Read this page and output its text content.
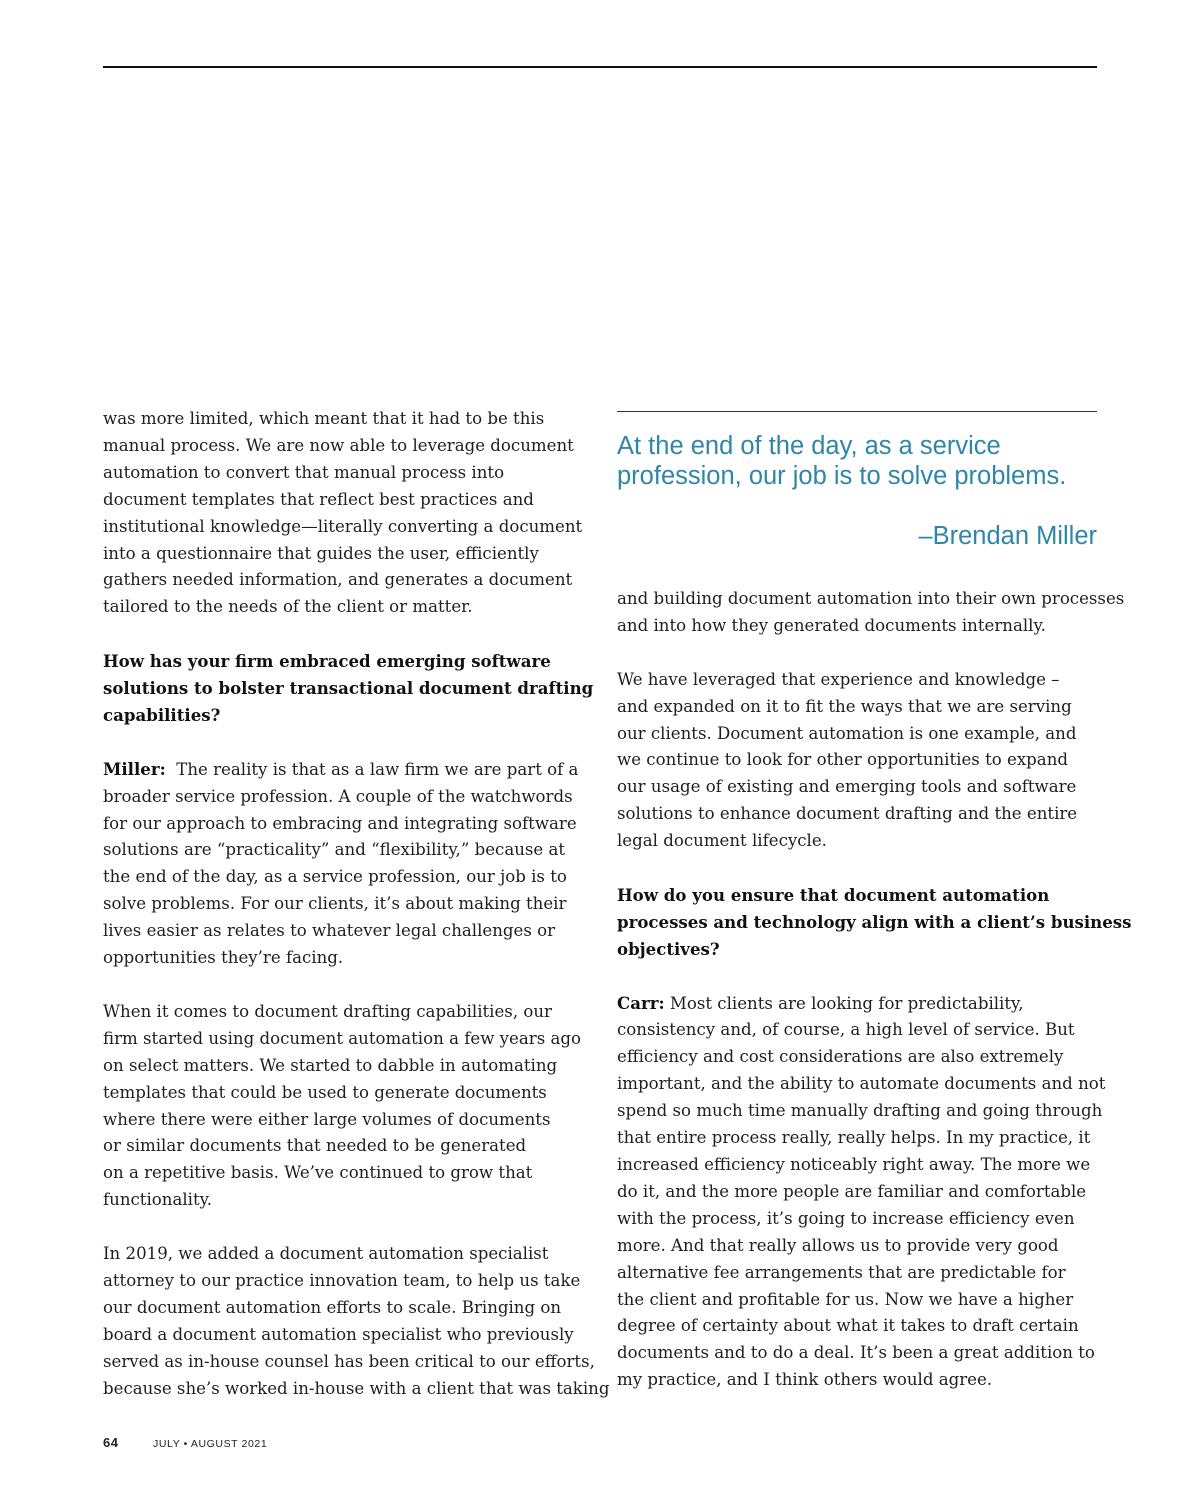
was more limited, which meant that it had to be this
manual process. We are now able to leverage document
automation to convert that manual process into
document templates that reflect best practices and
institutional knowledge—literally converting a document
into a questionnaire that guides the user, efficiently
gathers needed information, and generates a document
tailored to the needs of the client or matter.

How has your firm embraced emerging software
solutions to bolster transactional document drafting
capabilities?

Miller:  The reality is that as a law firm we are part of a
broader service profession. A couple of the watchwords
for our approach to embracing and integrating software
solutions are “practicality” and “flexibility,” because at
the end of the day, as a service profession, our job is to
solve problems. For our clients, it’s about making their
lives easier as relates to whatever legal challenges or
opportunities they’re facing.

When it comes to document drafting capabilities, our
firm started using document automation a few years ago
on select matters. We started to dabble in automating
templates that could be used to generate documents
where there were either large volumes of documents
or similar documents that needed to be generated
on a repetitive basis. We’ve continued to grow that
functionality.

In 2019, we added a document automation specialist
attorney to our practice innovation team, to help us take
our document automation efforts to scale. Bringing on
board a document automation specialist who previously
served as in-house counsel has been critical to our efforts,
because she’s worked in-house with a client that was taking

At the end of the day, as a service
profession, our job is to solve problems.
–Brendan Miller

and building document automation into their own processes
and into how they generated documents internally.

We have leveraged that experience and knowledge –
and expanded on it to fit the ways that we are serving
our clients. Document automation is one example, and
we continue to look for other opportunities to expand
our usage of existing and emerging tools and software
solutions to enhance document drafting and the entire
legal document lifecycle.

How do you ensure that document automation
processes and technology align with a client’s business
objectives?

Carr: Most clients are looking for predictability,
consistency and, of course, a high level of service. But
efficiency and cost considerations are also extremely
important, and the ability to automate documents and not
spend so much time manually drafting and going through
that entire process really, really helps. In my practice, it
increased efficiency noticeably right away. The more we
do it, and the more people are familiar and comfortable
with the process, it’s going to increase efficiency even
more. And that really allows us to provide very good
alternative fee arrangements that are predictable for
the client and profitable for us. Now we have a higher
degree of certainty about what it takes to draft certain
documents and to do a deal. It’s been a great addition to
my practice, and I think others would agree.

64	JULY • AUGUST 2021
